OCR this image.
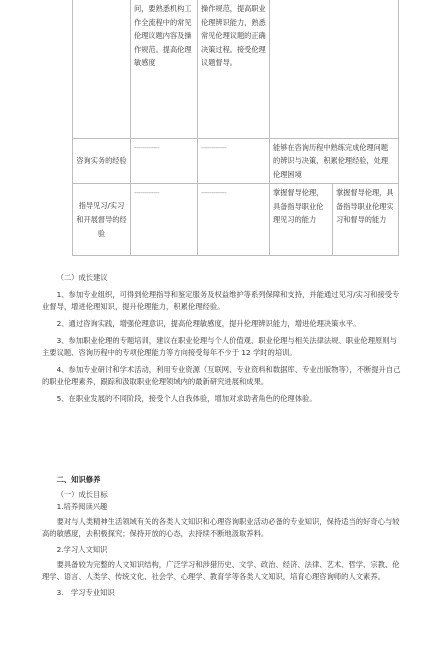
	问，要熟悉机构工作全流程中的常见伦理议题内容及操作规范。提高伦理敏感度	操作规范，提高职业伦理辨识能力，熟悉常见伦理议题的正确决策过程。接受伦理议题督导。		

咨询实务的经验	------------	------------	能够在咨询历程中熟练完成伦理问题的辨识与决策，积累伦理经验，处理伦理困境	
指导见习/实习和开展督导的经验	------------	------------	掌握督导伦理，具备指导职业伦理见习的能力	掌握督导伦理，具备指导职业伦理实习和督导的能力

（二）成长建议

1、参加专业组织，可得到伦理指导和鉴定服务及权益维护等系列保障和支持，并能通过见习/实习和接受专业督导，增进伦理知识，提升伦理能力，积累伦理经验。

2、通过咨询实践，增强伦理意识，提高伦理敏感度，提升伦理辨识能力，增进伦理决策水平。

3、参加职业伦理的专题培训，建议在职业伦理与个人价值观、职业伦理与相关法律法规、职业伦理原则与主要议题、咨询历程中的专项伦理能力等方向接受每年不少于 12 学时的培训。

4、参加专业研讨和学术活动，利用专业资源（互联网、专业资料和数据库、专业出版物等），不断提升自己的职业伦理素养，跟踪和汲取职业伦理领域内的最新研究进展和成果。

5、在职业发展的不同阶段，接受个人自我体验，增加对求助者角色的伦理体验。

二、知识修养

（一）成长目标

1.培养阅读兴趣

要对与人类精神生活领域有关的各类人文知识和心理咨询职业活动必备的专业知识，保持适当的好奇心与较高的敏感度，去积极探究；保持开放的心态，去持续不断地汲取养料。

2.学习人文知识

要具备较为完整的人文知识结构，广泛学习和涉猎历史、文学、政治、经济、法律、艺术、哲学、宗教、伦理学、语言、人类学、传统文化、社会学、心理学、教育学等各类人文知识，培育心理咨询师的人文素养。

3.　学习专业知识
